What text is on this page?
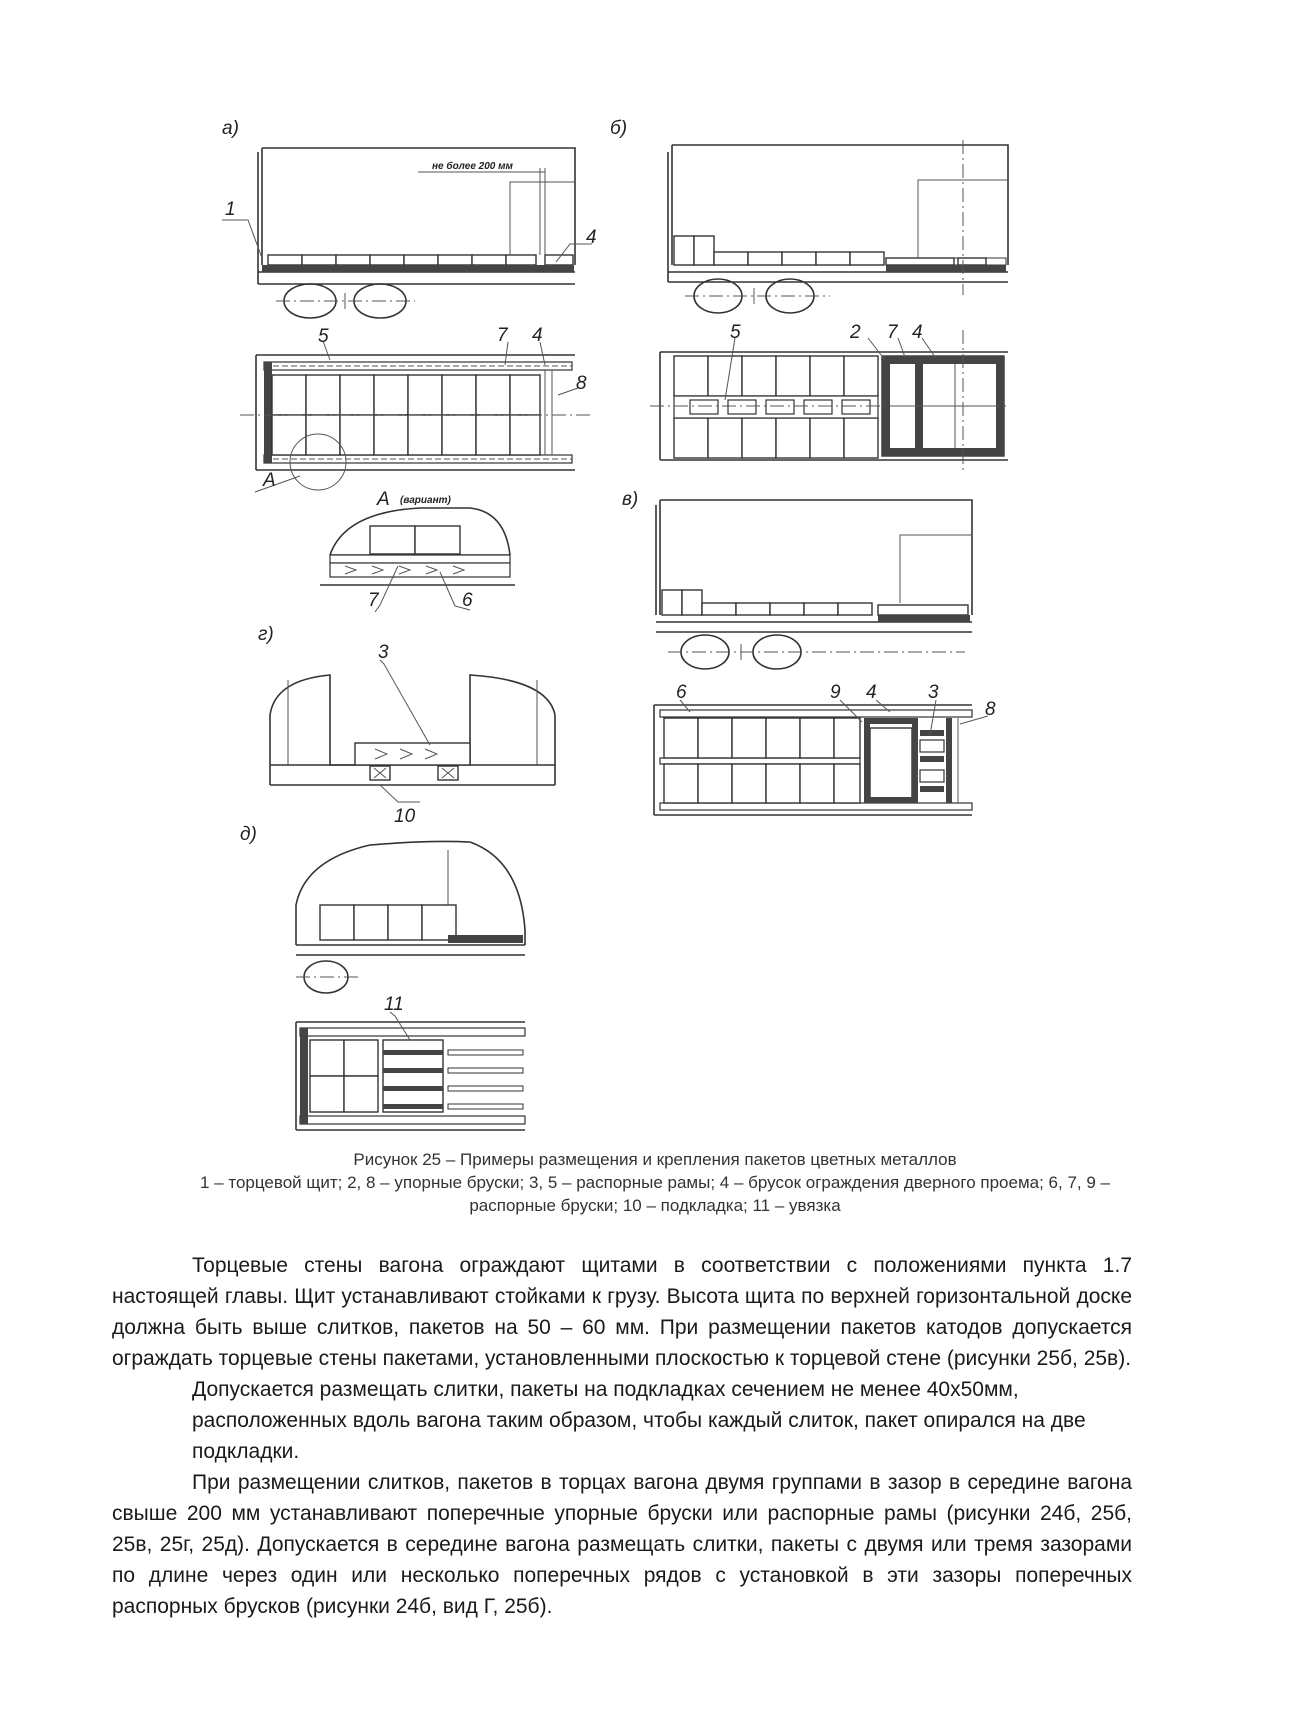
а)
не более 200 мм
1
4
А
5	7 4
8
А (вариант)
7	6
г)
3
10
д)
11
б)
5	2 7 4
в)
6	9 4	3
8
Рисунок 25 – Примеры размещения и крепления пакетов цветных металлов
1 – торцевой щит; 2, 8 – упорные бруски; 3, 5 – распорные рамы; 4 – брусок ограждения дверного проема; 6, 7, 9 –
распорные бруски; 10 – подкладка; 11 – увязка

Торцевые стены вагона ограждают щитами в соответствии с положениями пункта 1.7 настоящей главы. Щит устанавливают стойками к грузу. Высота щита по верхней горизонтальной доске должна быть выше слитков, пакетов на 50 – 60 мм. При размещении пакетов катодов допускается ограждать торцевые стены пакетами, установленными плоскостью к торцевой стене (рисунки 25б, 25в).

Допускается размещать слитки, пакеты на подкладках сечением не менее 40х50мм, расположенных вдоль вагона таким образом, чтобы каждый слиток, пакет опирался на две подкладки.

При размещении слитков, пакетов в торцах вагона двумя группами в зазор в середине вагона свыше 200 мм устанавливают поперечные упорные бруски или распорные рамы (рисунки 24б, 25б, 25в, 25г, 25д). Допускается в середине вагона размещать слитки, пакеты с двумя или тремя зазорами по длине через один или несколько поперечных рядов с установкой в эти зазоры поперечных распорных брусков (рисунки 24б, вид Г, 25б).
